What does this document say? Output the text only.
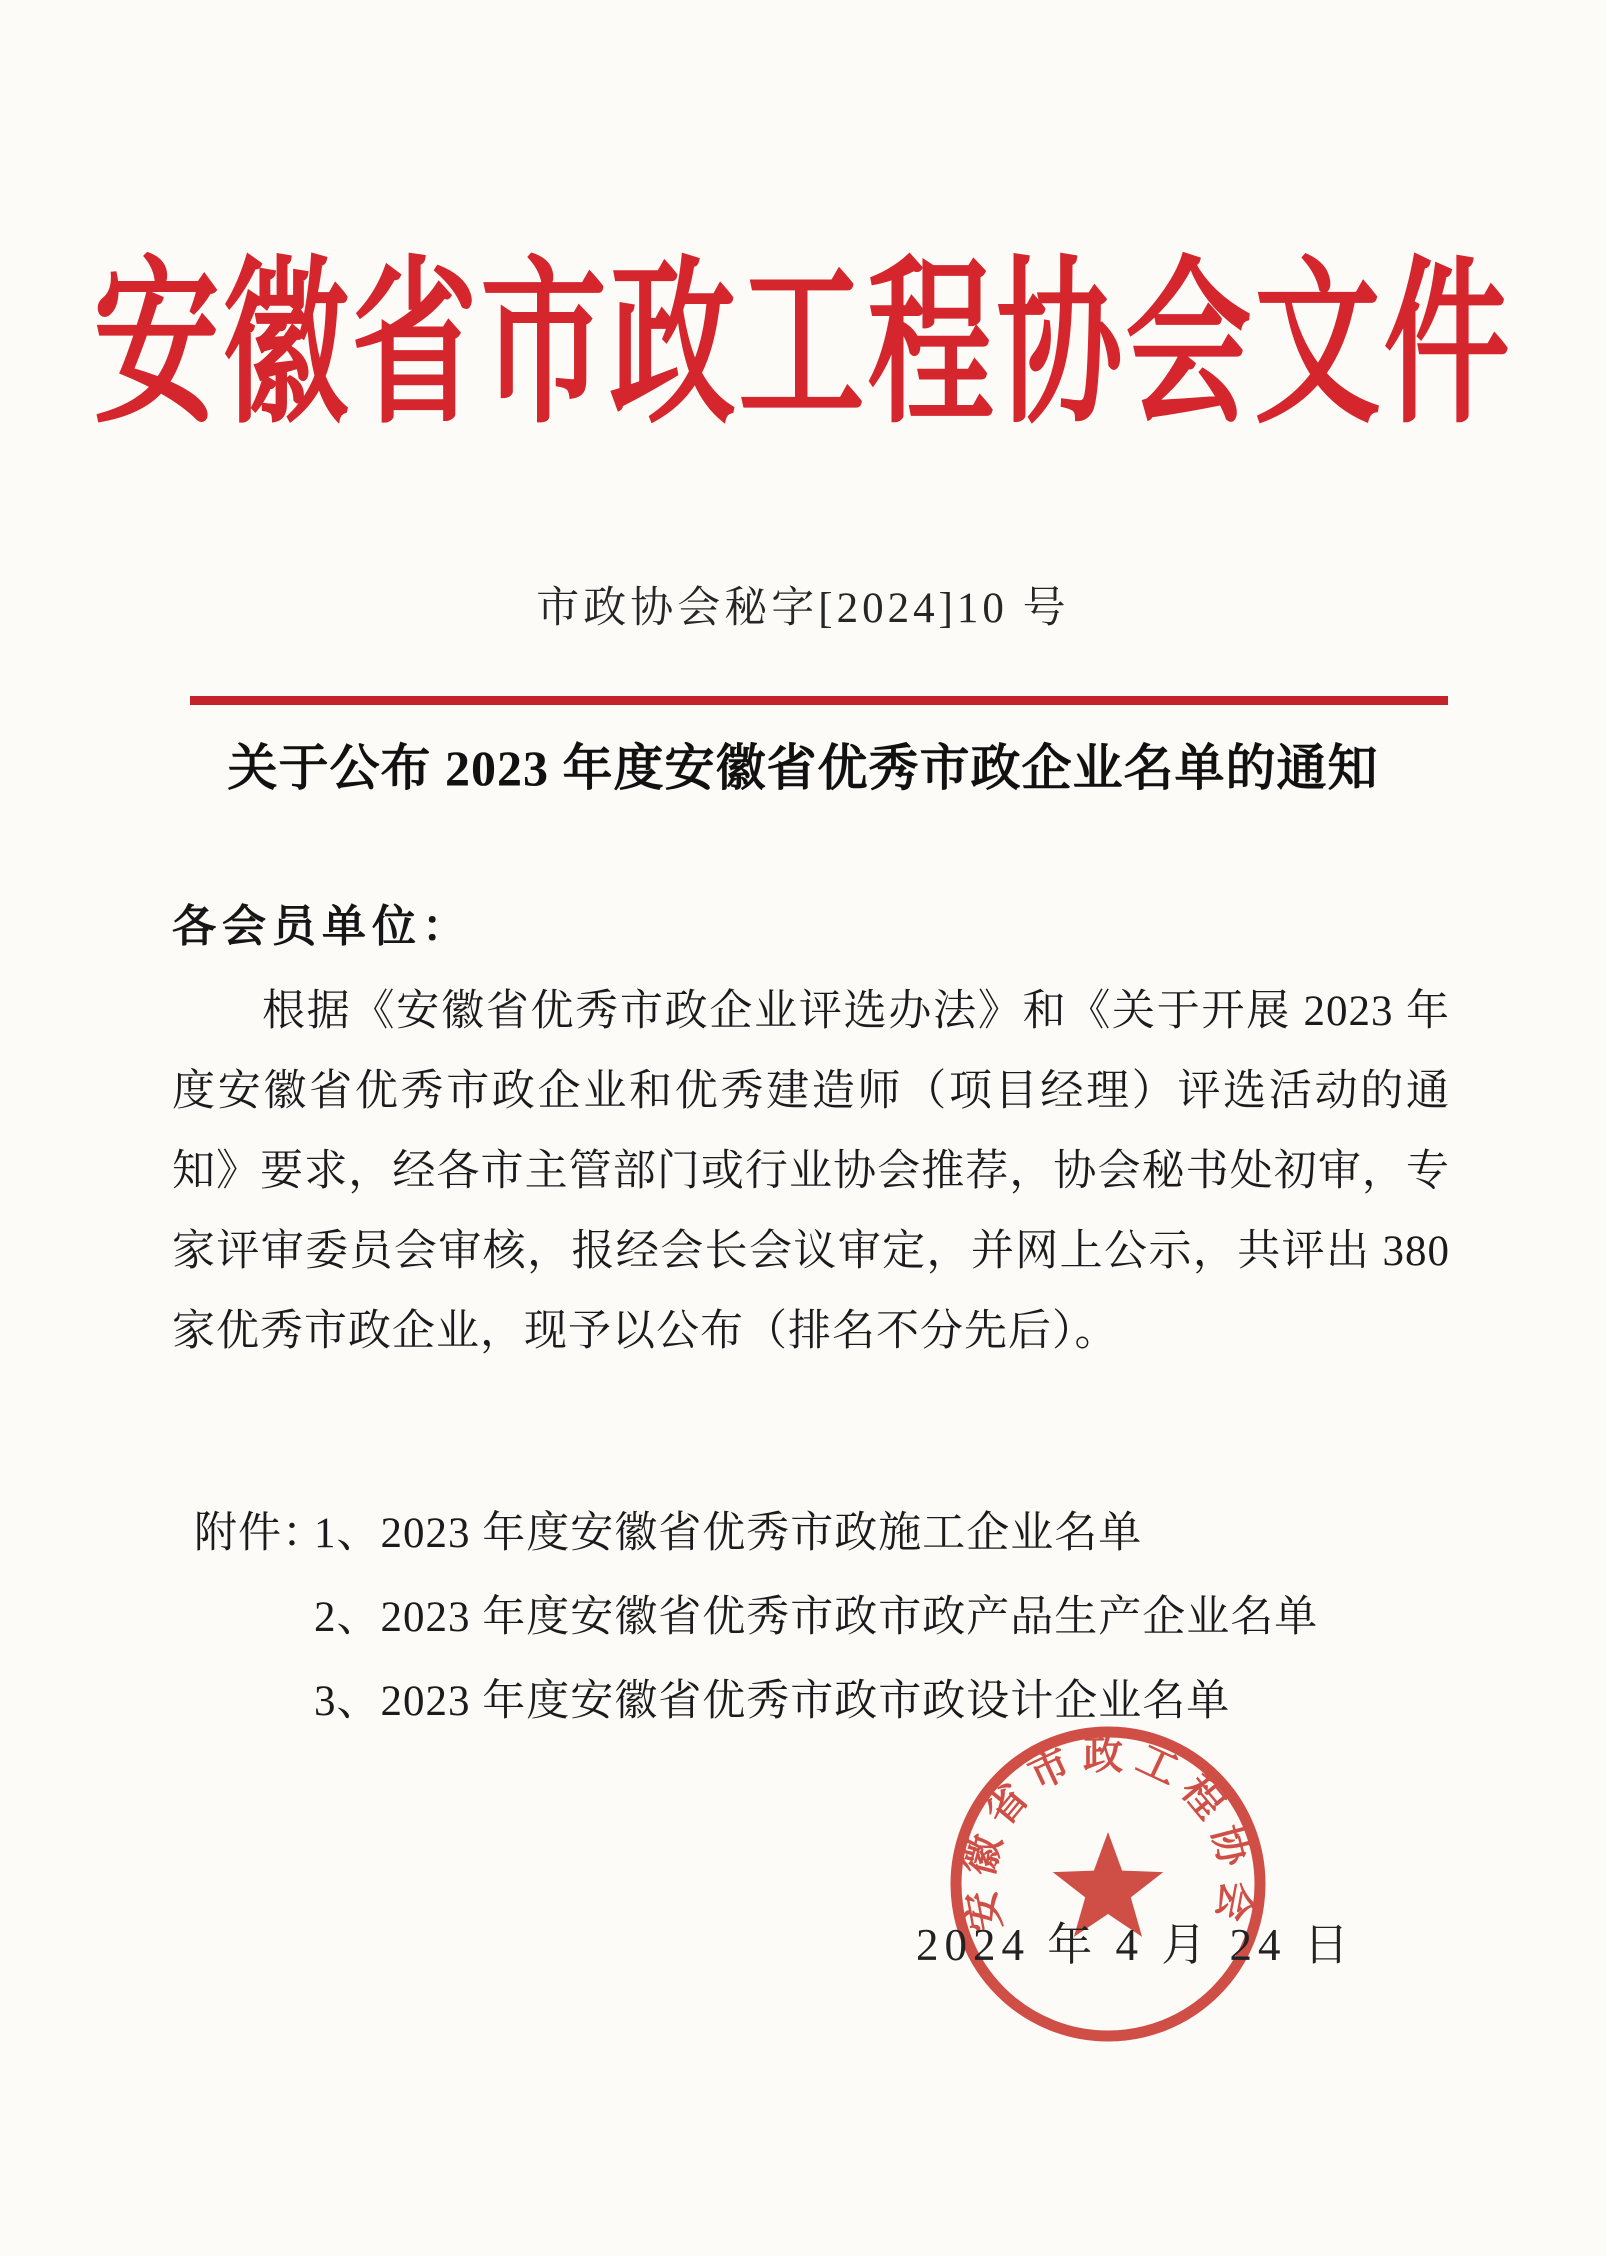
安徽省市政工程协会文件
市政协会秘字[2024]10 号
关于公布 2023 年度安徽省优秀市政企业名单的通知
各会员单位：
根据《安徽省优秀市政企业评选办法》和《关于开展 2023 年度安徽省优秀市政企业和优秀建造师（项目经理）评选活动的通知》要求，经各市主管部门或行业协会推荐，协会秘书处初审，专家评审委员会审核，报经会长会议审定，并网上公示，共评出 380 家优秀市政企业，现予以公布（排名不分先后）。
附件：
1、2023 年度安徽省优秀市政施工企业名单
2、2023 年度安徽省优秀市政市政产品生产企业名单
3、2023 年度安徽省优秀市政市政设计企业名单
安徽省市政工程协会
2024 年 4 月 24 日
